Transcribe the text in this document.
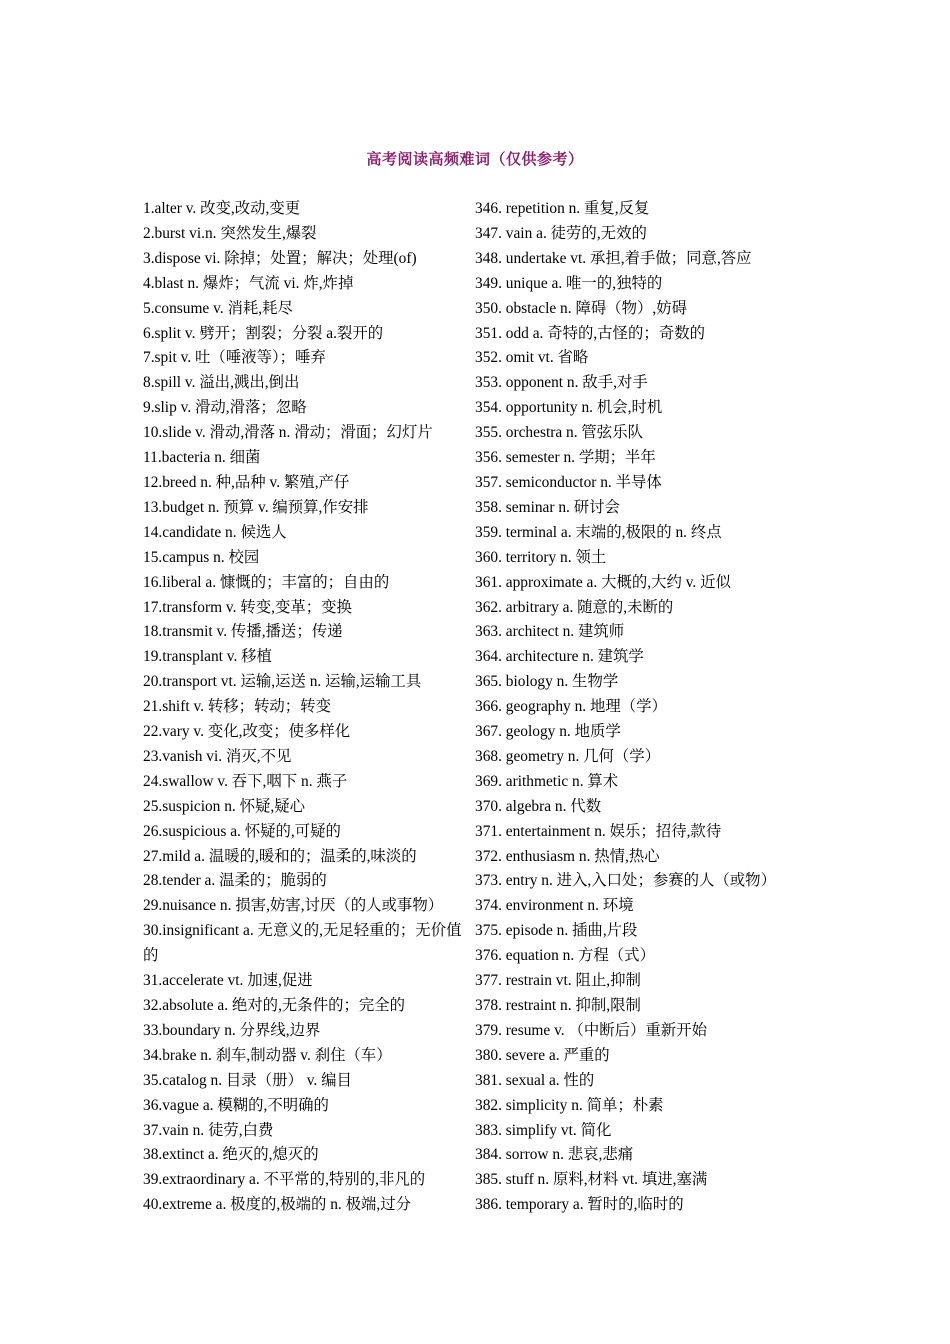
高考阅读高频难词（仅供参考）
1.alter v. 改变,改动,变更
2.burst vi.n. 突然发生,爆裂
3.dispose vi. 除掉；处置；解决；处理(of)
4.blast n. 爆炸；气流 vi. 炸,炸掉
5.consume v. 消耗,耗尽
6.split v. 劈开；割裂；分裂 a.裂开的
7.spit v. 吐（唾液等）；唾弃
8.spill v. 溢出,溅出,倒出
9.slip v. 滑动,滑落；忽略
10.slide v. 滑动,滑落 n. 滑动；滑面；幻灯片
11.bacteria n. 细菌
12.breed n. 种,品种 v. 繁殖,产仔
13.budget n. 预算 v. 编预算,作安排
14.candidate n. 候选人
15.campus n. 校园
16.liberal a. 慷慨的；丰富的；自由的
17.transform v. 转变,变革；变换
18.transmit v. 传播,播送；传递
19.transplant v. 移植
20.transport vt. 运输,运送 n. 运输,运输工具
21.shift v. 转移；转动；转变
22.vary v. 变化,改变；使多样化
23.vanish vi. 消灭,不见
24.swallow v. 吞下,咽下 n. 燕子
25.suspicion n. 怀疑,疑心
26.suspicious a. 怀疑的,可疑的
27.mild a. 温暖的,暖和的；温柔的,味淡的
28.tender a. 温柔的；脆弱的
29.nuisance n. 损害,妨害,讨厌（的人或事物）
30.insignificant a. 无意义的,无足轻重的；无价值的
31.accelerate vt. 加速,促进
32.absolute a. 绝对的,无条件的；完全的
33.boundary n. 分界线,边界
34.brake n. 刹车,制动器 v. 刹住（车）
35.catalog n. 目录（册） v. 编目
36.vague a. 模糊的,不明确的
37.vain n. 徒劳,白费
38.extinct a. 绝灭的,熄灭的
39.extraordinary a. 不平常的,特别的,非凡的
40.extreme a. 极度的,极端的 n. 极端,过分
346. repetition n. 重复,反复
347. vain a. 徒劳的,无效的
348. undertake vt. 承担,着手做；同意,答应
349. unique a. 唯一的,独特的
350. obstacle n. 障碍（物）,妨碍
351. odd a. 奇特的,古怪的；奇数的
352. omit vt. 省略
353. opponent n. 敌手,对手
354. opportunity n. 机会,时机
355. orchestra n. 管弦乐队
356. semester n. 学期；半年
357. semiconductor n. 半导体
358. seminar n. 研讨会
359. terminal a. 末端的,极限的 n. 终点
360. territory n. 领土
361. approximate a. 大概的,大约 v. 近似
362. arbitrary a. 随意的,未断的
363. architect n. 建筑师
364. architecture n. 建筑学
365. biology n. 生物学
366. geography n. 地理（学）
367. geology n. 地质学
368. geometry n. 几何（学）
369. arithmetic n. 算术
370. algebra n. 代数
371. entertainment n. 娱乐；招待,款待
372. enthusiasm n. 热情,热心
373. entry n. 进入,入口处；参赛的人（或物）
374. environment n. 环境
375. episode n. 插曲,片段
376. equation n. 方程（式）
377. restrain vt. 阻止,抑制
378. restraint n. 抑制,限制
379. resume v. （中断后）重新开始
380. severe a. 严重的
381. sexual a. 性的
382. simplicity n. 简单；朴素
383. simplify vt. 简化
384. sorrow n. 悲哀,悲痛
385. stuff n. 原料,材料 vt. 填进,塞满
386. temporary a. 暂时的,临时的
